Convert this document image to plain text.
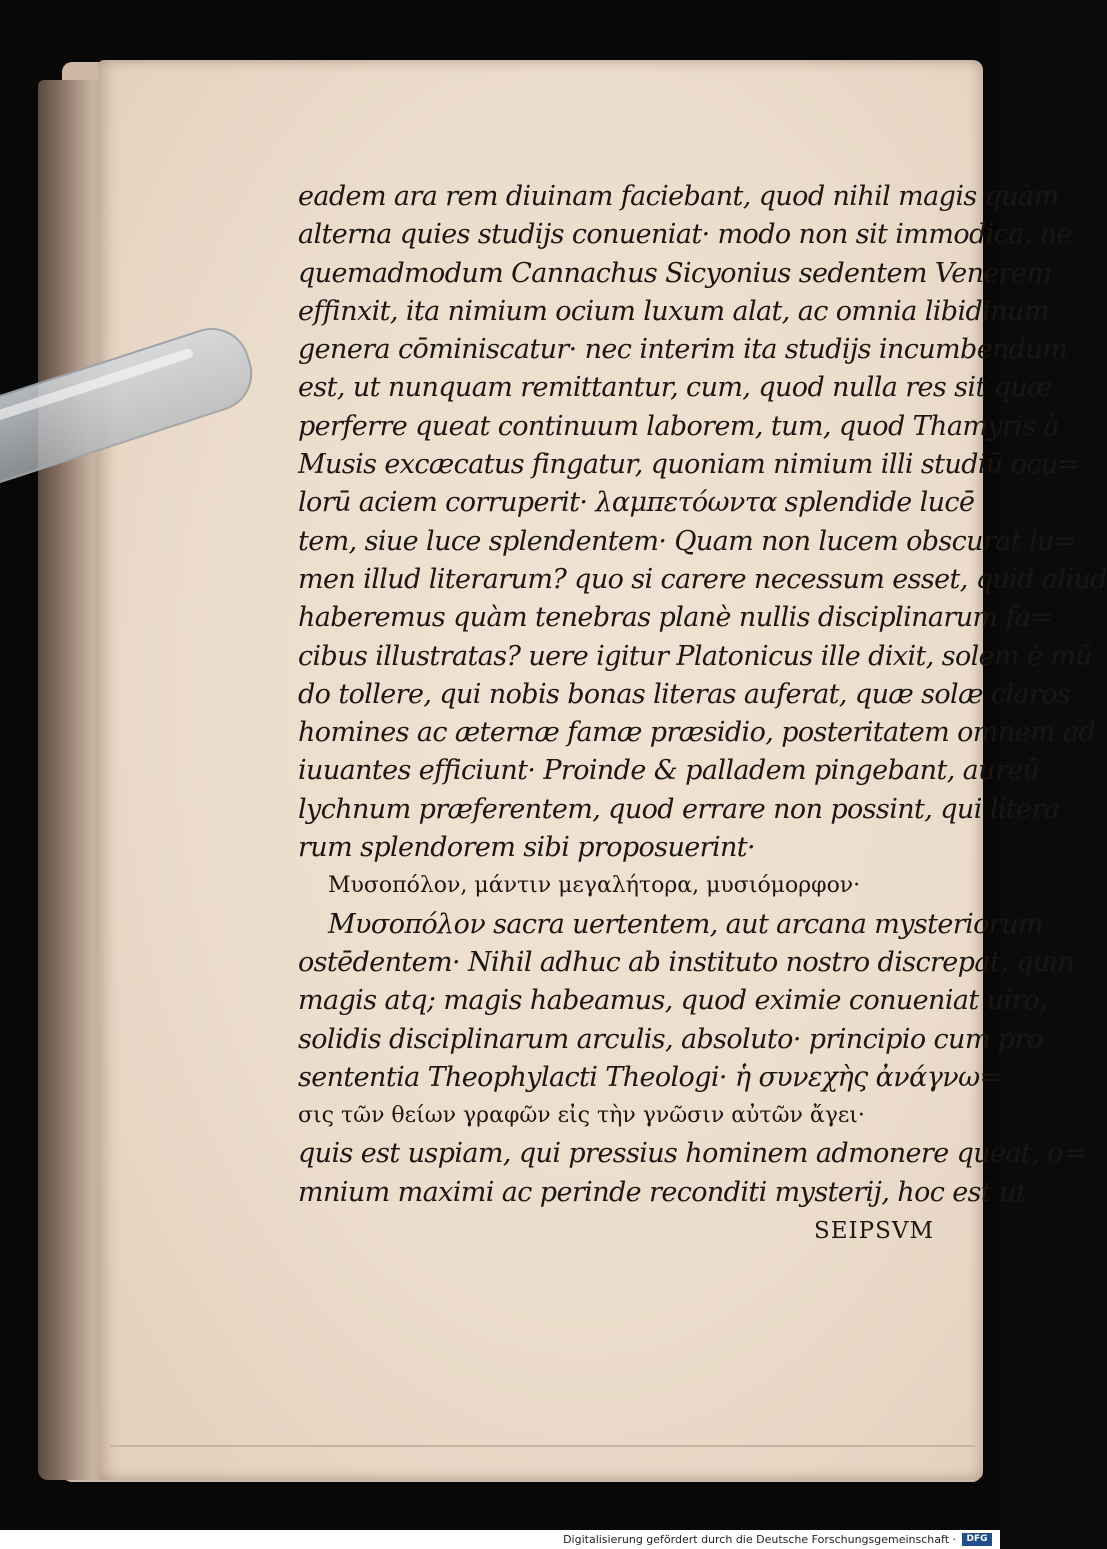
eadem ara rem diuinam faciebant, quod nihil magis quàm
alterna quies studijs conueniat· modo non sit immodica, ne
quemadmodum Cannachus Sicyonius sedentem Venerem
effinxit, ita nimium ocium luxum alat, ac omnia libidinum
genera cōminiscatur· nec interim ita studijs incumbendum
est, ut nunquam remittantur, cum, quod nulla res sit quæ
perferre queat continuum laborem, tum, quod Thamyris à
Musis excæcatus fingatur, quoniam nimium illi studiū ocu=
lorū aciem corruperit· λαμπετόωντα splendide lucē
tem, siue luce splendentem· Quam non lucem obscurat lu=
men illud literarum? quo si carere necessum esset, quid aliud
haberemus quàm tenebras planè nullis disciplinarum fa=
cibus illustratas? uere igitur Platonicus ille dixit, solem è mū
do tollere, qui nobis bonas literas auferat, quæ solæ claros
homines ac æternæ famæ præsidio, posteritatem omnem ad
iuuantes efficiunt· Proinde & palladem pingebant, aureū
lychnum præferentem, quod errare non possint, qui litera
rum splendorem sibi proposuerint·
Μυσοπόλον, μάντιν μεγαλήτορα, μυσιόμορφον·
Μυσοπόλον sacra uertentem, aut arcana mysteriorum
ostēdentem· Nihil adhuc ab instituto nostro discrepat, quin
magis atq; magis habeamus, quod eximie conueniat uiro,
solidis disciplinarum arculis, absoluto· principio cum pro
sententia Theophylacti Theologi· ἡ συνεχὴς ἀνάγνω=
σις τῶν θείων γραφῶν εἰς τὴν γνῶσιν αὐτῶν ἄγει·
quis est uspiam, qui pressius hominem admonere queat, o=
mnium maximi ac perinde reconditi mysterij, hoc est ut
SEIPSVM
Digitalisierung gefördert durch die Deutsche Forschungsgemeinschaft ·	DFG
